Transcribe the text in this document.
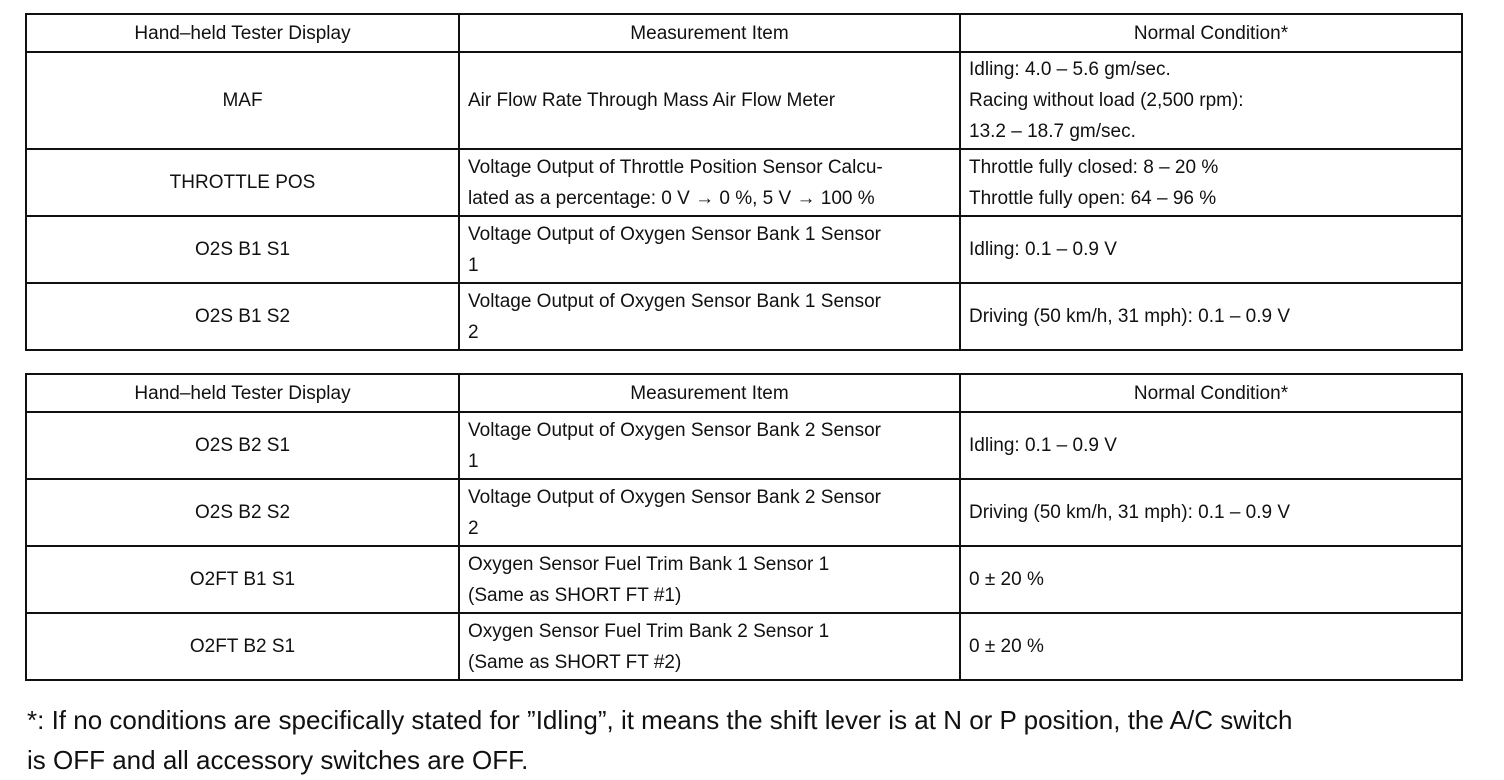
Hand–held Tester Display	Measurement Item	Normal Condition*
MAF	Air Flow Rate Through Mass Air Flow Meter	Idling: 4.0 – 5.6 gm/sec.
Racing without load (2,500 rpm):
13.2 – 18.7 gm/sec.

THROTTLE POS	Voltage Output of Throttle Position Sensor Calcu-
lated as a percentage: 0 V → 0 %, 5 V → 100 %	Throttle fully closed: 8 – 20 %
Throttle fully open: 64 – 96 %

O2S B1 S1	Voltage Output of Oxygen Sensor Bank 1 Sensor
1	Idling: 0.1 – 0.9 V

O2S B1 S2	Voltage Output of Oxygen Sensor Bank 1 Sensor
2	Driving (50 km/h, 31 mph): 0.1 – 0.9 V
Hand–held Tester Display	Measurement Item	Normal Condition*
O2S B2 S1	Voltage Output of Oxygen Sensor Bank 2 Sensor
1	Idling: 0.1 – 0.9 V

O2S B2 S2	Voltage Output of Oxygen Sensor Bank 2 Sensor
2	Driving (50 km/h, 31 mph): 0.1 – 0.9 V

O2FT B1 S1	Oxygen Sensor Fuel Trim Bank 1 Sensor 1
(Same as SHORT FT #1)	0 ± 20 %

O2FT B2 S1	Oxygen Sensor Fuel Trim Bank 2 Sensor 1
(Same as SHORT FT #2)	0 ± 20 %
*: If no conditions are specifically stated for ”Idling”, it means the shift lever is at N or P position, the A/C switch
is OFF and all accessory switches are OFF.
